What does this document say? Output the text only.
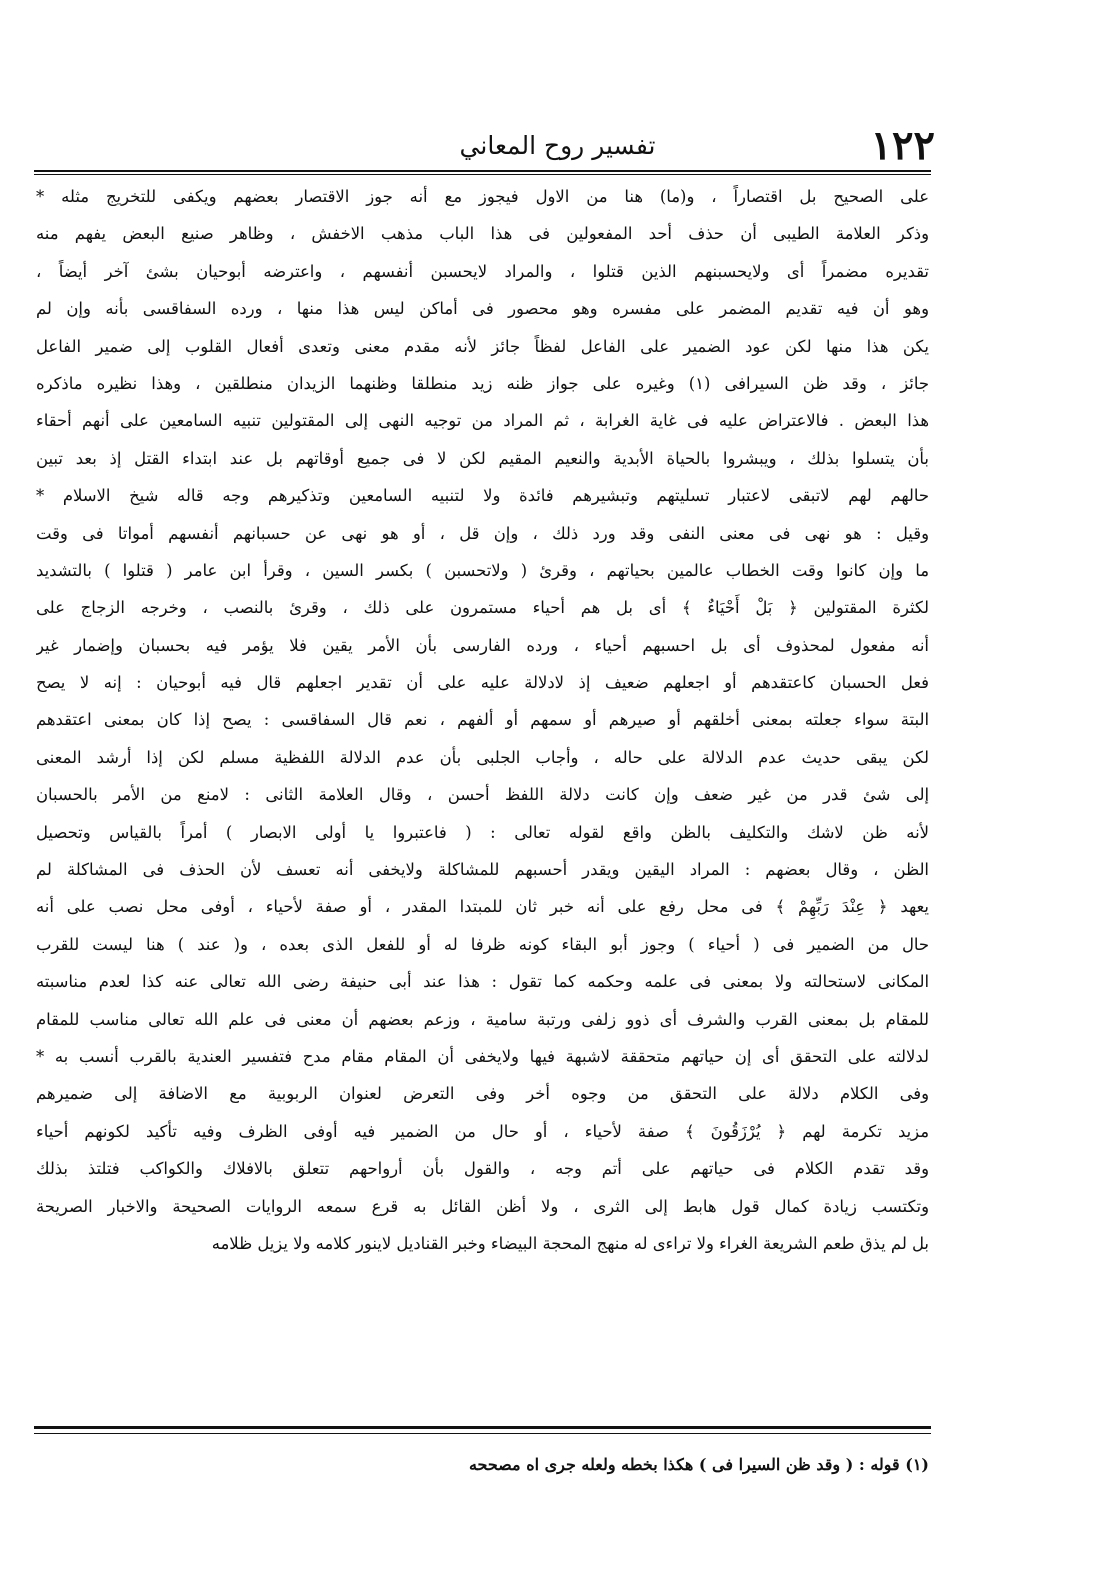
١٢٢
تفسير روح المعاني
على الصحيح بل اقتصاراً ، و(ما) هنا من الاول فيجوز مع أنه جوز الاقتصار بعضهم ويكفى للتخريج مثله *
وذكر العلامة الطيبى أن حذف أحد المفعولين فى هذا الباب مذهب الاخفش ، وظاهر صنيع البعض يفهم منه
تقديره مضمراً أى ولايحسبنهم الذين قتلوا ، والمراد لايحسبن أنفسهم ، واعترضه أبوحيان بشئ آخر أيضاً ،
وهو أن فيه تقديم المضمر على مفسره وهو محصور فى أماكن ليس هذا منها ، ورده السفاقسى بأنه وإن لم
يكن هذا منها لكن عود الضمير على الفاعل لفظاً جائز لأنه مقدم معنى وتعدى أفعال القلوب إلى ضمير الفاعل
جائز ، وقد ظن السيرافى (١) وغيره على جواز ظنه زيد منطلقا وظنهما الزيدان منطلقين ، وهذا نظيره ماذكره
هذا البعض . فالاعتراض عليه فى غاية الغرابة ، ثم المراد من توجيه النهى إلى المقتولين تنبيه السامعين على أنهم أحقاء
بأن يتسلوا بذلك ، ويبشروا بالحياة الأبدية والنعيم المقيم لكن لا فى جميع أوقاتهم بل عند ابتداء القتل إذ بعد تبين
حالهم لهم لاتبقى لاعتبار تسليتهم وتبشيرهم فائدة ولا لتنبيه السامعين وتذكيرهم وجه قاله شيخ الاسلام *
وقيل : هو نهى فى معنى النفى وقد ورد ذلك ، وإن قل ، أو هو نهى عن حسبانهم أنفسهم أمواتا فى وقت
ما وإن كانوا وقت الخطاب عالمين بحياتهم ، وقرئ ( ولاتحسبن ) بكسر السين ، وقرأ ابن عامر ( قتلوا ) بالتشديد
لكثرة المقتولين ﴿ بَلْ أَحْيَاءٌ ﴾ أى بل هم أحياء مستمرون على ذلك ، وقرئ بالنصب ، وخرجه الزجاج على
أنه مفعول لمحذوف أى بل احسبهم أحياء ، ورده الفارسى بأن الأمر يقين فلا يؤمر فيه بحسبان وإضمار غير
فعل الحسبان كاعتقدهم أو اجعلهم ضعيف إذ لادلالة عليه على أن تقدير اجعلهم قال فيه أبوحيان : إنه لا يصح
البتة سواء جعلته بمعنى أخلقهم أو صيرهم أو سمهم أو ألفهم ، نعم قال السفاقسى : يصح إذا كان بمعنى اعتقدهم
لكن يبقى حديث عدم الدلالة على حاله ، وأجاب الجلبى بأن عدم الدلالة اللفظية مسلم لكن إذا أرشد المعنى
إلى شئ قدر من غير ضعف وإن كانت دلالة اللفظ أحسن ، وقال العلامة الثانى : لامنع من الأمر بالحسبان
لأنه ظن لاشك والتكليف بالظن واقع لقوله تعالى : ( فاعتبروا يا أولى الابصار ) أمراً بالقياس وتحصيل
الظن ، وقال بعضهم : المراد اليقين ويقدر أحسبهم للمشاكلة ولايخفى أنه تعسف لأن الحذف فى المشاكلة لم
يعهد ﴿ عِنْدَ رَبِّهِمْ ﴾ فى محل رفع على أنه خبر ثان للمبتدا المقدر ، أو صفة لأحياء ، أوفى محل نصب على أنه
حال من الضمير فى ( أحياء ) وجوز أبو البقاء كونه ظرفا له أو للفعل الذى بعده ، و( عند ) هنا ليست للقرب
المكانى لاستحالته ولا بمعنى فى علمه وحكمه كما تقول : هذا عند أبى حنيفة رضى الله تعالى عنه كذا لعدم مناسبته
للمقام بل بمعنى القرب والشرف أى ذوو زلفى ورتبة سامية ، وزعم بعضهم أن معنى فى علم الله تعالى مناسب للمقام
لدلالته على التحقق أى إن حياتهم متحققة لاشبهة فيها ولايخفى أن المقام مقام مدح فتفسير العندية بالقرب أنسب به *
وفى الكلام دلالة على التحقق من وجوه أخر وفى التعرض لعنوان الربوبية مع الاضافة إلى ضميرهم
مزيد تكرمة لهم ﴿ يُرْزَقُونَ ﴾ صفة لأحياء ، أو حال من الضمير فيه أوفى الظرف وفيه تأكيد لكونهم أحياء
وقد تقدم الكلام فى حياتهم على أتم وجه ، والقول بأن أرواحهم تتعلق بالافلاك والكواكب فتلتذ بذلك
وتكتسب زيادة كمال قول هابط إلى الثرى ، ولا أظن القائل به قرع سمعه الروايات الصحيحة والاخبار الصريحة
بل لم يذق طعم الشريعة الغراء ولا تراءى له منهج المحجة البيضاء وخبر القناديل لاينور كلامه ولا يزيل ظلامه
(١) قوله : ( وقد ظن السيرا فى ) هكذا بخطه ولعله جرى اه مصححه
